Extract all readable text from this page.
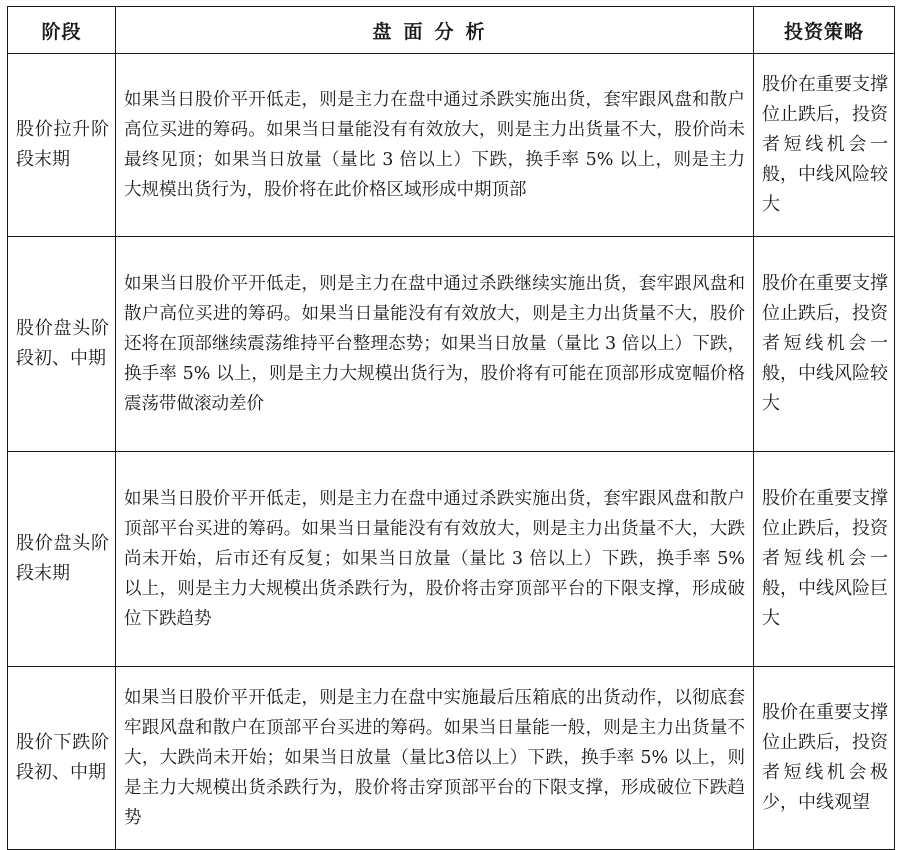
阶段	盘面分析	投资策略
股价拉升阶段末期	如果当日股价平开低走，则是主力在盘中通过杀跌实施出货，套牢跟风盘和散户高位买进的筹码。如果当日量能没有有效放大，则是主力出货量不大，股价尚未最终见顶；如果当日放量（量比 3 倍以上）下跌，换手率 5% 以上，则是主力大规模出货行为，股价将在此价格区域形成中期顶部	股价在重要支撑位止跌后，投资者短线机会一般，中线风险较大
股价盘头阶段初、中期	如果当日股价平开低走，则是主力在盘中通过杀跌继续实施出货，套牢跟风盘和散户高位买进的筹码。如果当日量能没有有效放大，则是主力出货量不大，股价还将在顶部继续震荡维持平台整理态势；如果当日放量（量比 3 倍以上）下跌，换手率 5% 以上，则是主力大规模出货行为，股价将有可能在顶部形成宽幅价格震荡带做滚动差价	股价在重要支撑位止跌后，投资者短线机会一般，中线风险较大
股价盘头阶段末期	如果当日股价平开低走，则是主力在盘中通过杀跌实施出货，套牢跟风盘和散户顶部平台买进的筹码。如果当日量能没有有效放大，则是主力出货量不大，大跌尚未开始，后市还有反复；如果当日放量（量比 3 倍以上）下跌，换手率 5% 以上，则是主力大规模出货杀跌行为，股价将击穿顶部平台的下限支撑，形成破位下跌趋势	股价在重要支撑位止跌后，投资者短线机会一般，中线风险巨大
股价下跌阶段初、中期	如果当日股价平开低走，则是主力在盘中实施最后压箱底的出货动作，以彻底套牢跟风盘和散户在顶部平台买进的筹码。如果当日量能一般，则是主力出货量不大，大跌尚未开始；如果当日放量（量比3倍以上）下跌，换手率 5% 以上，则是主力大规模出货杀跌行为，股价将击穿顶部平台的下限支撑，形成破位下跌趋势	股价在重要支撑位止跌后，投资者短线机会极少，中线观望
